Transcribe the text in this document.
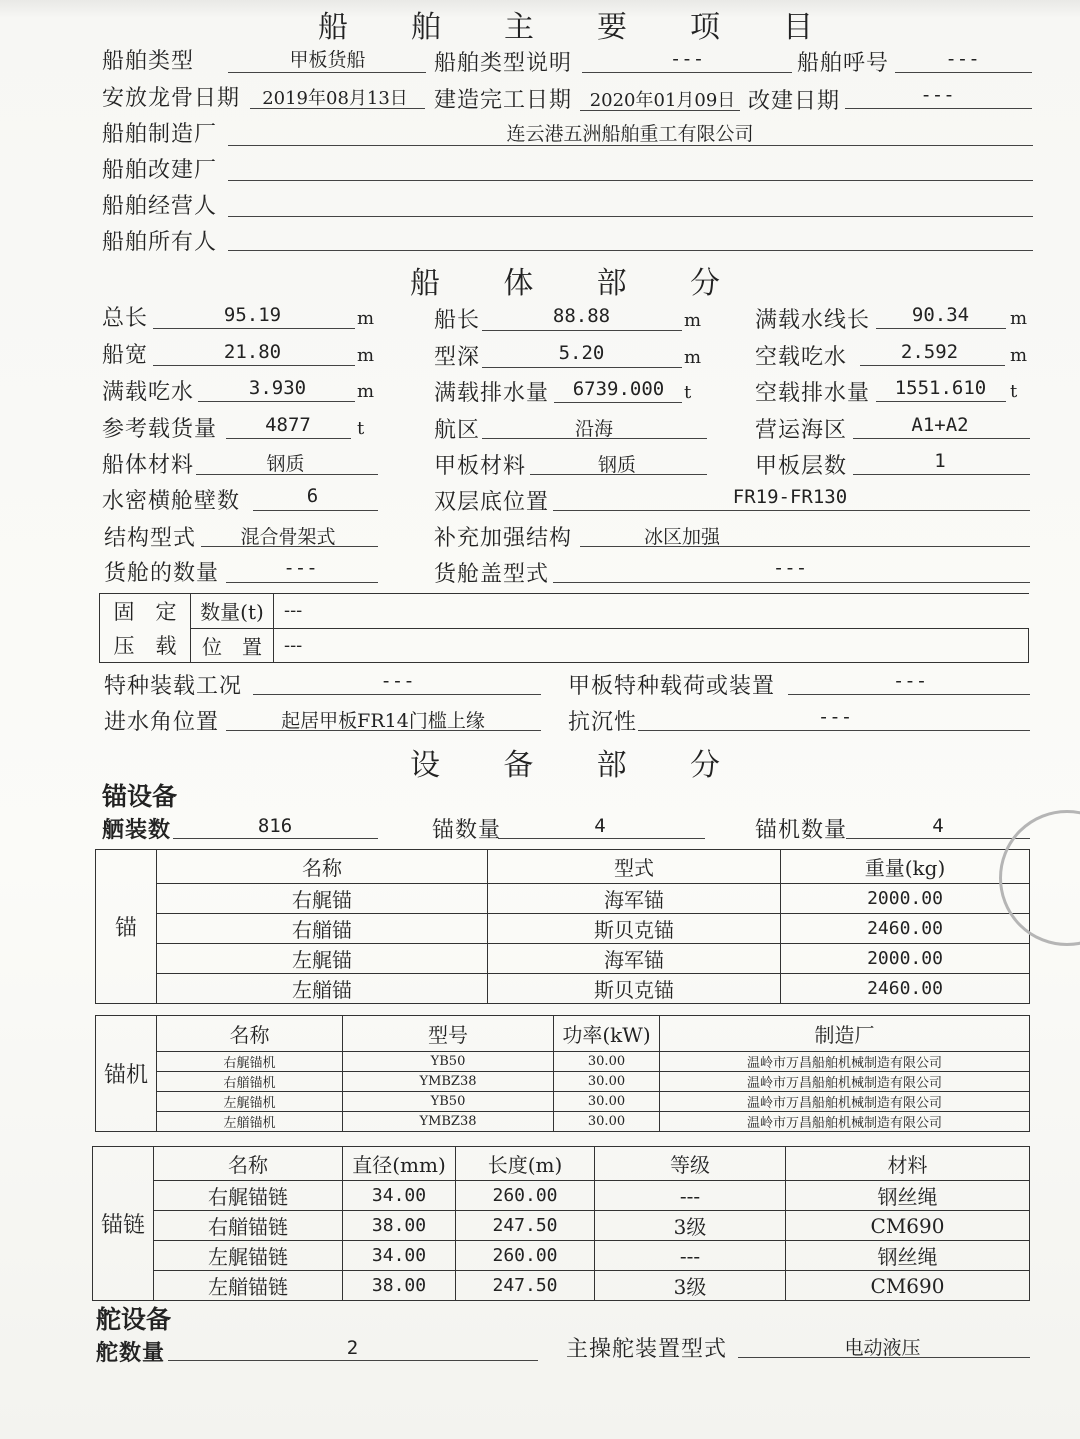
船 舶 主 要 项 目
船舶类型	甲板货船	船舶类型说明	---	船舶呼号	---
安放龙骨日期	2019年08月13日	建造完工日期 2020年01月09日 改建日期	---
船舶制造厂	连云港五洲船舶重工有限公司
船舶改建厂
船舶经营人
船舶所有人
船 体 部 分
总长	95.19	m	船长	88.88	m 满载水线长	90.34	m
船宽	21.80	m	型深	5.20	m 空载吃水	2.592	m
满载吃水	3.930	m	满载排水量	6739.000	t	空载排水量	1551.610	t
参考载货量	4877	t	航区	沿海	营运海区	A1+A2
船体材料	钢质	甲板材料	钢质	甲板层数	1
水密横舱壁数	6	双层底位置	FR19-FR130
结构型式	混合骨架式	补充加强结构	冰区加强
货舱的数量	---	货舱盖型式	---
固　定	数量(t)	---
压　载	位　置	---
特种装载工况	---	甲板特种载荷或装置	---
进水角位置	起居甲板FR14门槛上缘	抗沉性	---
设 备 部 分
锚设备
舾装数	816	锚数量	4	锚机数量	4
锚	名称	型式	重量(kg)
	右艉锚	海军锚	2000.00
	右艏锚	斯贝克锚	2460.00
	左艉锚	海军锚	2000.00
	左艏锚	斯贝克锚	2460.00
锚机	名称	型号	功率(kW)	制造厂
	右艉锚机	YB50	30.00	温岭市万昌船舶机械制造有限公司
	右艏锚机	YMBZ38	30.00	温岭市万昌船舶机械制造有限公司
	左艉锚机	YB50	30.00	温岭市万昌船舶机械制造有限公司
	左艏锚机	YMBZ38	30.00	温岭市万昌船舶机械制造有限公司
锚链	名称	直径(mm)	长度(m)	等级	材料
	右艉锚链	34.00	260.00	---	钢丝绳
	右艏锚链	38.00	247.50	3级	CM690
	左艉锚链	34.00	260.00	---	钢丝绳
	左艏锚链	38.00	247.50	3级	CM690
舵设备
舵数量	2	主操舵装置型式	电动液压
